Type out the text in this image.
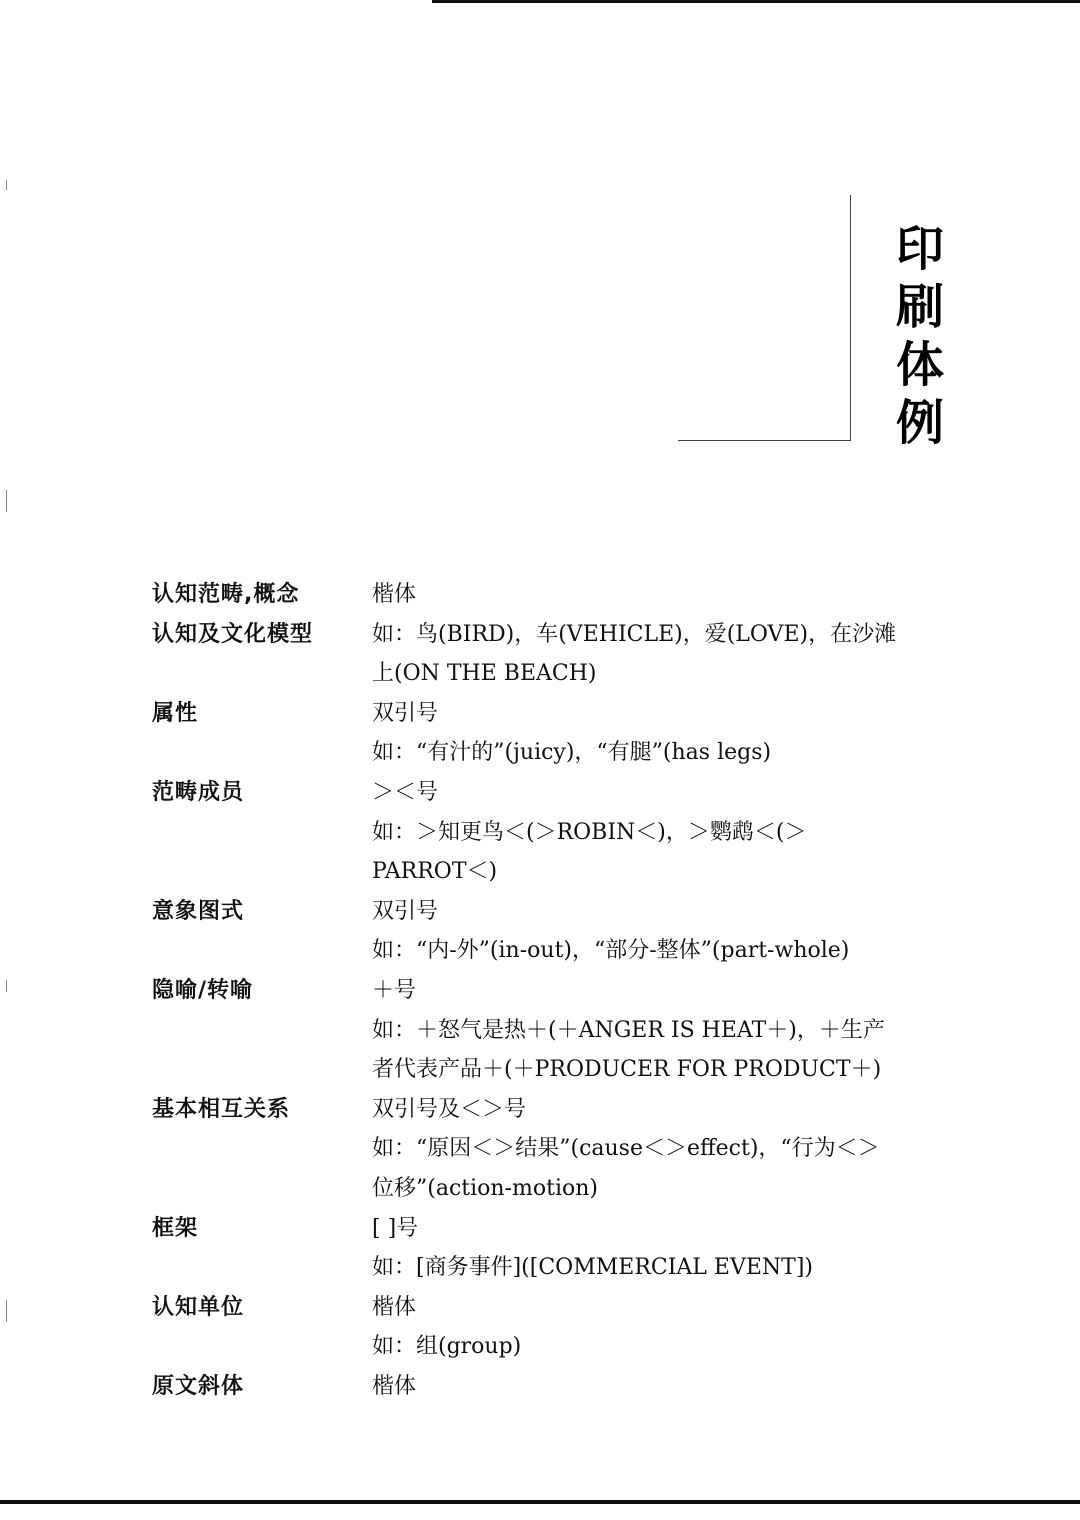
印
刷
体
例
认知范畴,概念	楷体
认知及文化模型	如：鸟(BIRD)，车(VEHICLE)，爱(LOVE)，在沙滩
上(ON THE BEACH)
属性	双引号
如：“有汁的”(juicy)，“有腿”(has legs)
范畴成员	＞＜号
如：＞知更鸟＜(＞ROBIN＜)，＞鹦鹉＜(＞
PARROT＜)
意象图式	双引号
如：“内-外”(in-out)，“部分-整体”(part-whole)
隐喻/转喻	＋号
如：＋怒气是热＋(＋ANGER IS HEAT＋)，＋生产
者代表产品＋(＋PRODUCER FOR PRODUCT＋)
基本相互关系	双引号及＜＞号
如：“原因＜＞结果”(cause＜＞effect)，“行为＜＞
位移”(action-motion)
框架	[ ]号
如：[商务事件]([COMMERCIAL EVENT])
认知单位	楷体
如：组(group)
原文斜体	楷体
